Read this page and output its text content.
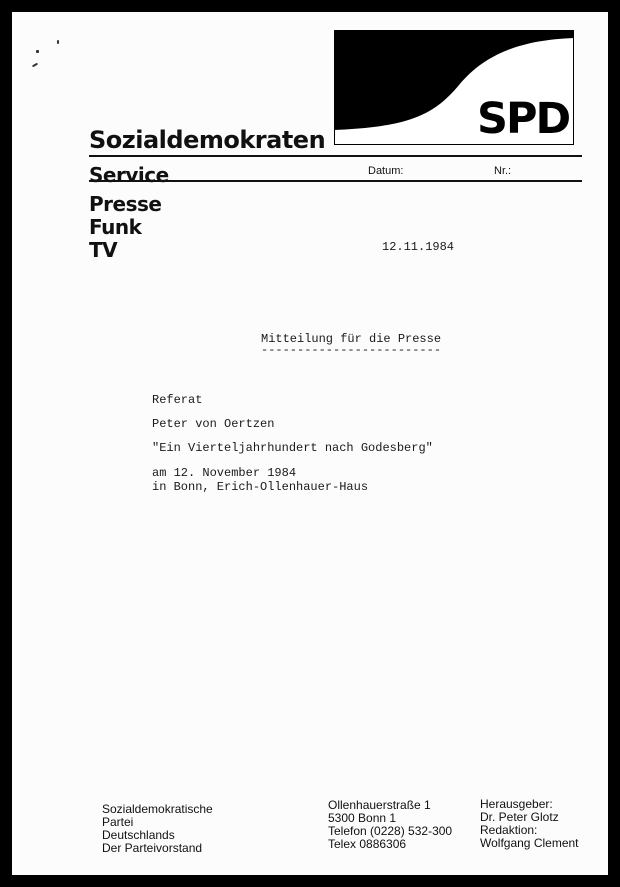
SPD
Sozialdemokraten
Service	Datum:	Nr.:
Presse
Funk
TV	12.11.1984
Mitteilung für die Presse
-------------------------
Referat
Peter von Oertzen
"Ein Vierteljahrhundert nach Godesberg"
am 12. November 1984
in Bonn, Erich-Ollenhauer-Haus
Sozialdemokratische
Partei
Deutschlands
Der Parteivorstand
Ollenhauerstraße 1
5300 Bonn 1
Telefon (0228) 532-300
Telex 0886306
Herausgeber:
Dr. Peter Glotz
Redaktion:
Wolfgang Clement
